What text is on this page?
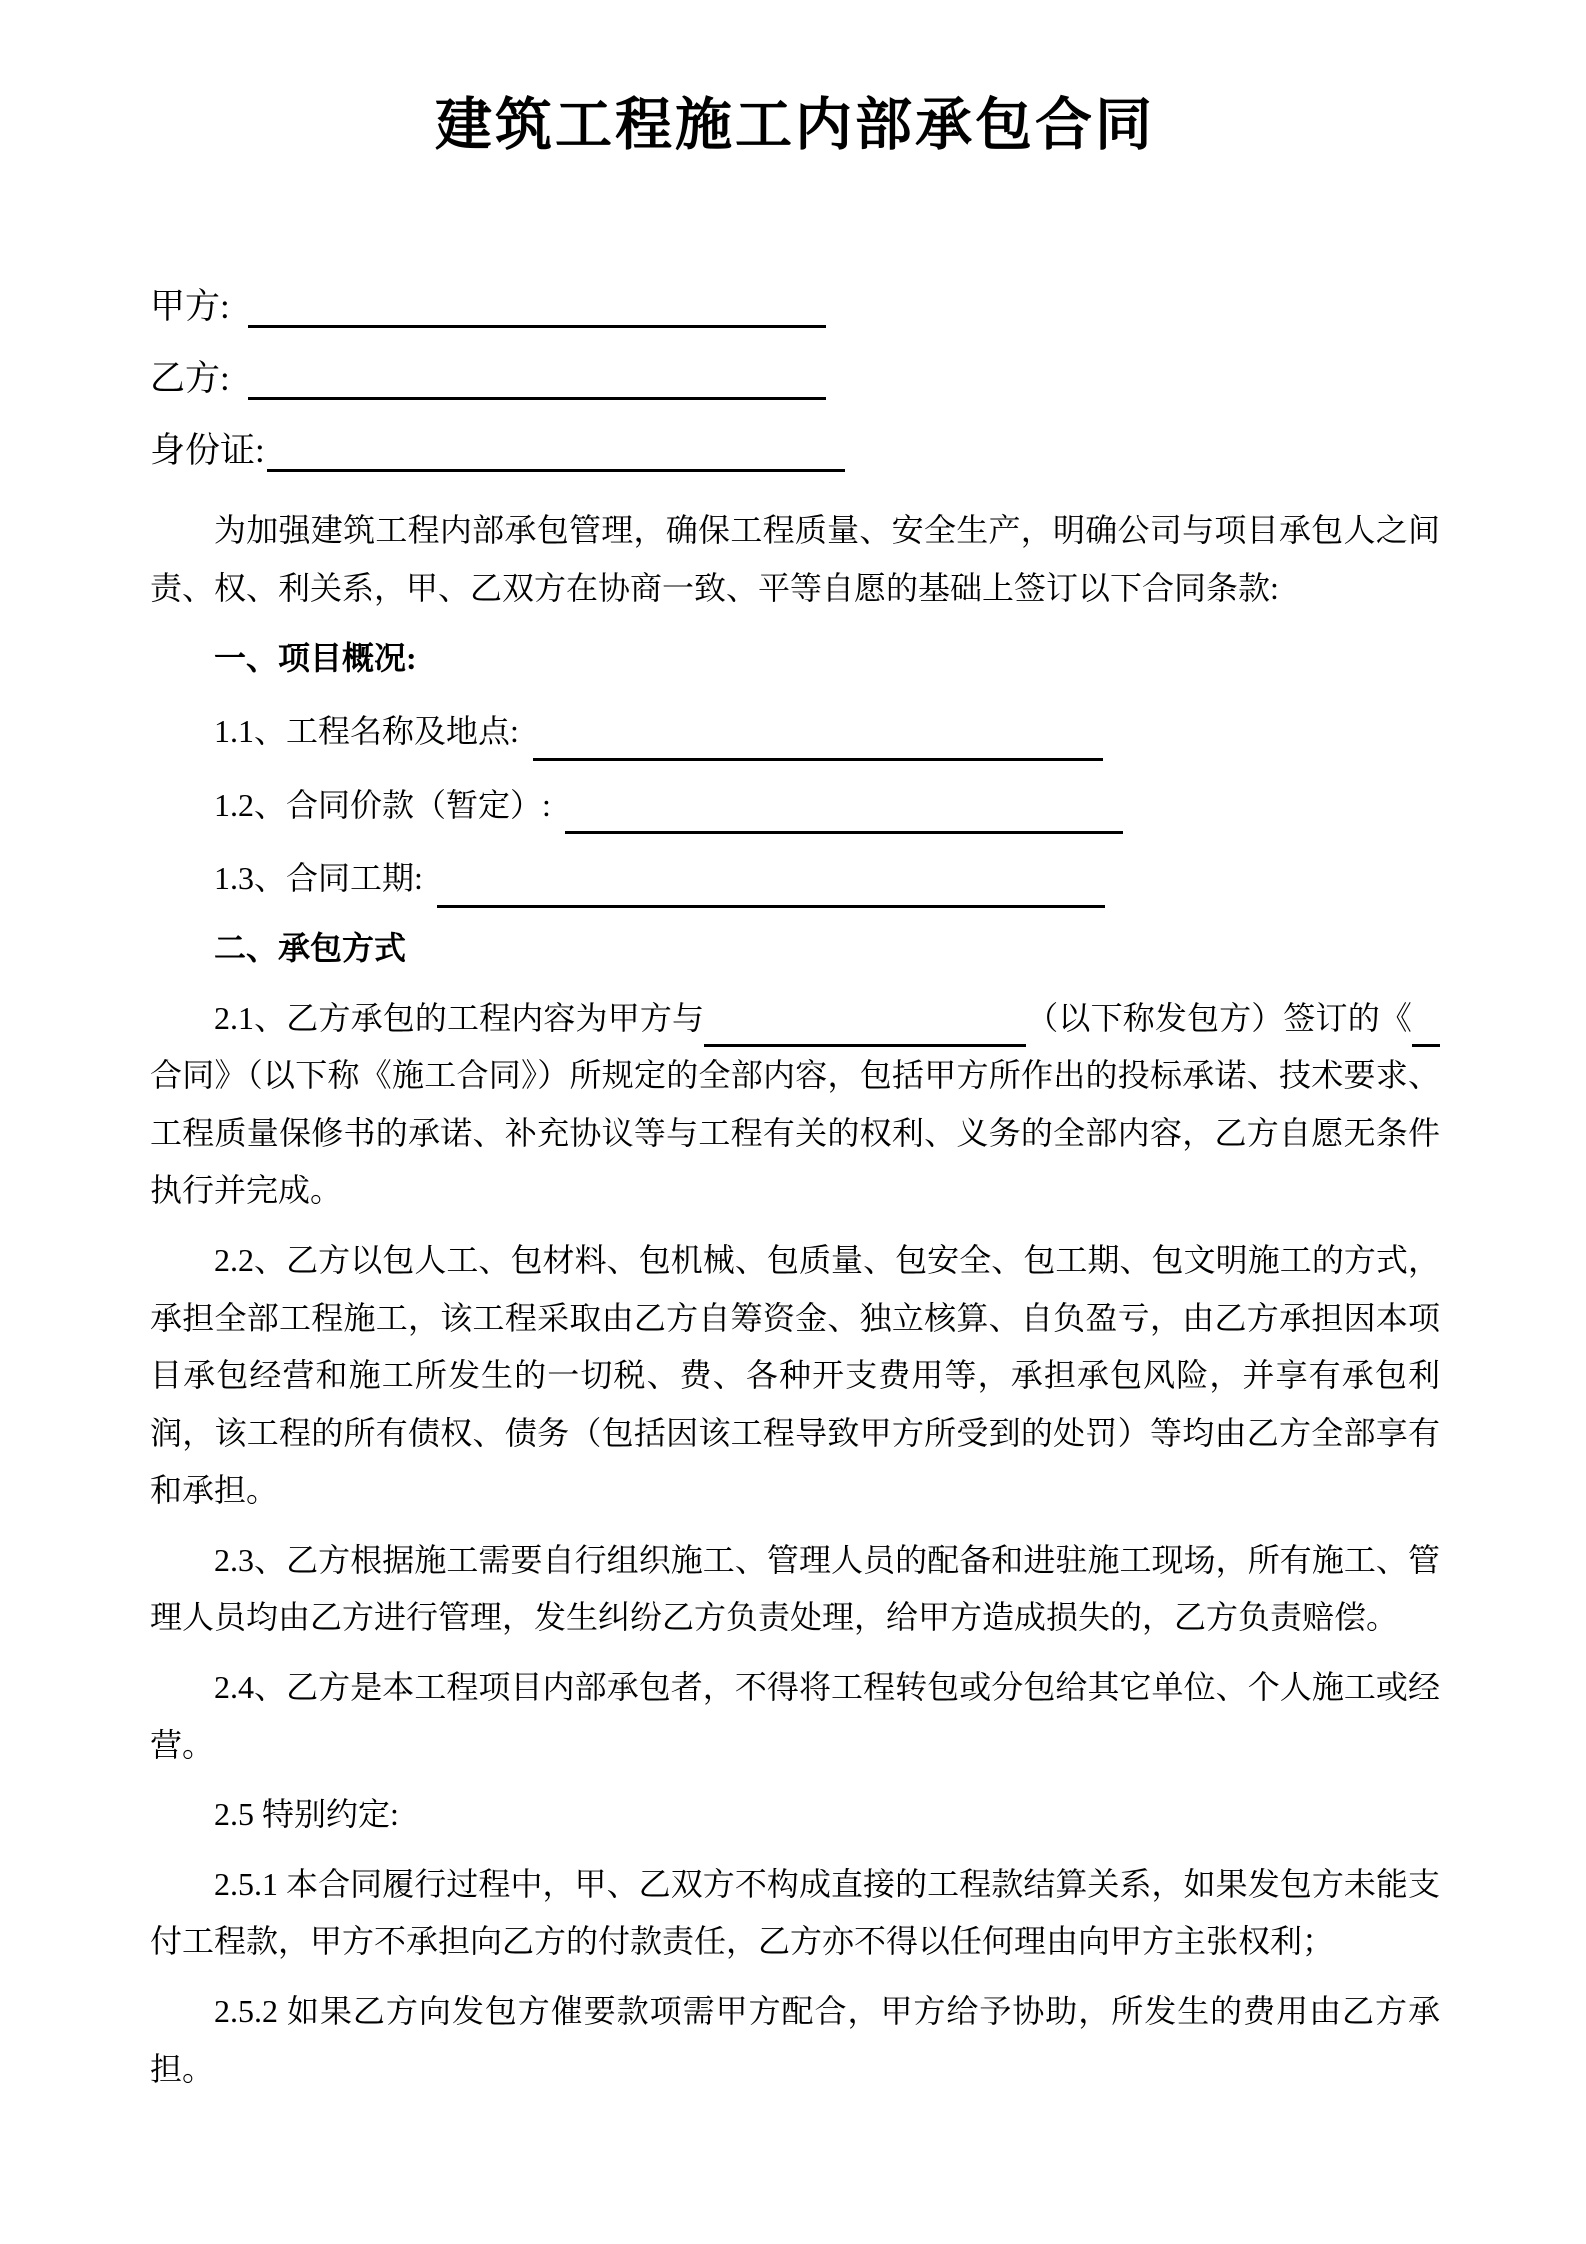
建筑工程施工内部承包合同
甲方:
乙方:
身份证:

为加强建筑工程内部承包管理，确保工程质量、安全生产，明确公司与项目承包人之间责、权、利关系，甲、乙双方在协商一致、平等自愿的基础上签订以下合同条款:

一、项目概况:

1.1、工程名称及地点:
1.2、合同价款（暂定）:
1.3、合同工期:

二、承包方式

2.1、乙方承包的工程内容为甲方与	（以下称发包方）签订的《合同》（以下称《施工合同》）所规定的全部内容，包括甲方所作出的投标承诺、技术要求、工程质量保修书的承诺、补充协议等与工程有关的权利、义务的全部内容，乙方自愿无条件执行并完成。

2.2、乙方以包人工、包材料、包机械、包质量、包安全、包工期、包文明施工的方式，承担全部工程施工，该工程采取由乙方自筹资金、独立核算、自负盈亏，由乙方承担因本项目承包经营和施工所发生的一切税、费、各种开支费用等，承担承包风险，并享有承包利润，该工程的所有债权、债务（包括因该工程导致甲方所受到的处罚）等均由乙方全部享有和承担。

2.3、乙方根据施工需要自行组织施工、管理人员的配备和进驻施工现场，所有施工、管理人员均由乙方进行管理，发生纠纷乙方负责处理，给甲方造成损失的，乙方负责赔偿。

2.4、乙方是本工程项目内部承包者，不得将工程转包或分包给其它单位、个人施工或经营。

2.5 特别约定:

2.5.1 本合同履行过程中，甲、乙双方不构成直接的工程款结算关系，如果发包方未能支付工程款，甲方不承担向乙方的付款责任，乙方亦不得以任何理由向甲方主张权利；

2.5.2 如果乙方向发包方催要款项需甲方配合，甲方给予协助，所发生的费用由乙方承担。
